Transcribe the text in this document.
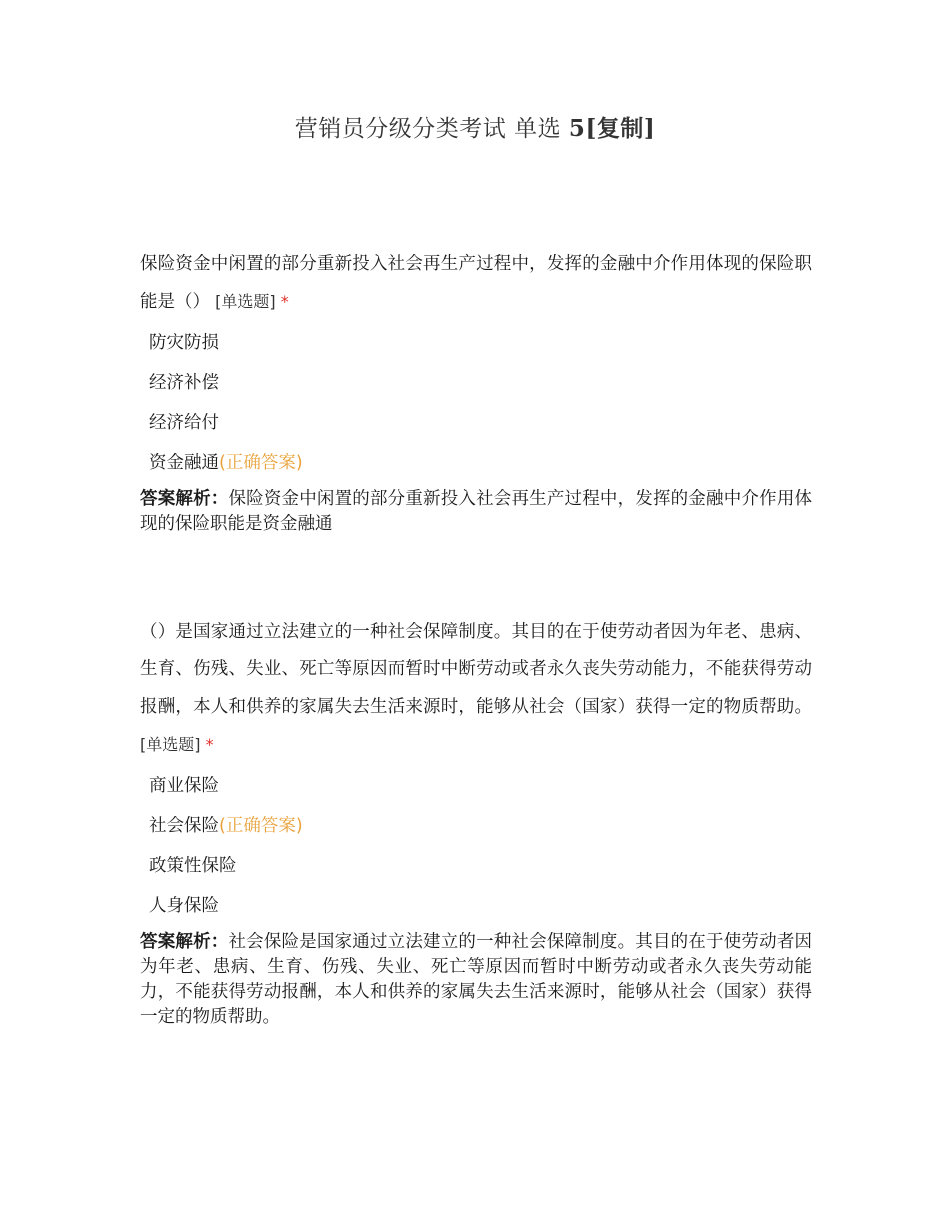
营销员分级分类考试 单选 5[复制]

保险资金中闲置的部分重新投入社会再生产过程中，发挥的金融中介作用体现的保险职能是（） [单选题] *

防灾防损
经济补偿
经济给付
资金融通(正确答案)

答案解析：保险资金中闲置的部分重新投入社会再生产过程中，发挥的金融中介作用体现的保险职能是资金融通

（）是国家通过立法建立的一种社会保障制度。其目的在于使劳动者因为年老、患病、生育、伤残、失业、死亡等原因而暂时中断劳动或者永久丧失劳动能力，不能获得劳动报酬，本人和供养的家属失去生活来源时，能够从社会（国家）获得一定的物质帮助。 [单选题] *

商业保险
社会保险(正确答案)
政策性保险
人身保险

答案解析：社会保险是国家通过立法建立的一种社会保障制度。其目的在于使劳动者因为年老、患病、生育、伤残、失业、死亡等原因而暂时中断劳动或者永久丧失劳动能力，不能获得劳动报酬，本人和供养的家属失去生活来源时，能够从社会（国家）获得一定的物质帮助。
